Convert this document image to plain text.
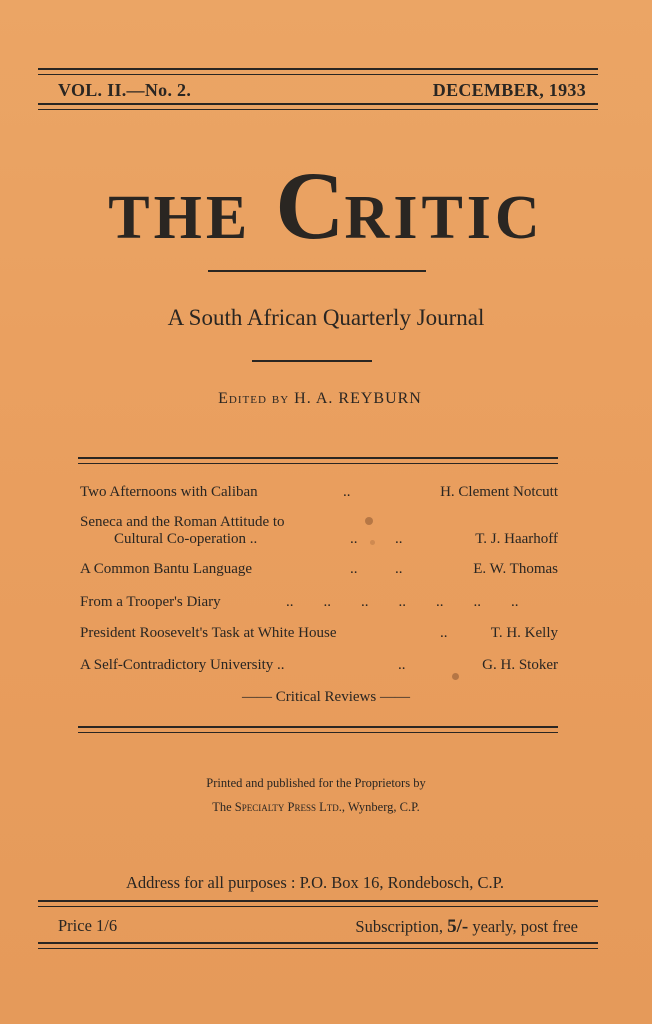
VOL. II.—No. 2.	DECEMBER, 1933
THE CRITIC
A South African Quarterly Journal
Edited by H. A. REYBURN
Two Afternoons with Caliban	..	H. Clement Notcutt
Seneca and the Roman Attitude to
Cultural Co-operation ..	..          ..	T. J. Haarhoff
A Common Bantu Language	..          ..	E. W. Thomas
From a Trooper's Diary	..        ..        ..        ..        ..        ..        ..
President Roosevelt's Task at White House	..	T. H. Kelly
A Self-Contradictory University ..	..	G. H. Stoker
—— Critical Reviews ——
Printed and published for the Proprietors by
The Specialty Press Ltd., Wynberg, C.P.
Address for all purposes : P.O. Box 16, Rondebosch, C.P.
Price 1/6	Subscription, 5/- yearly, post free
